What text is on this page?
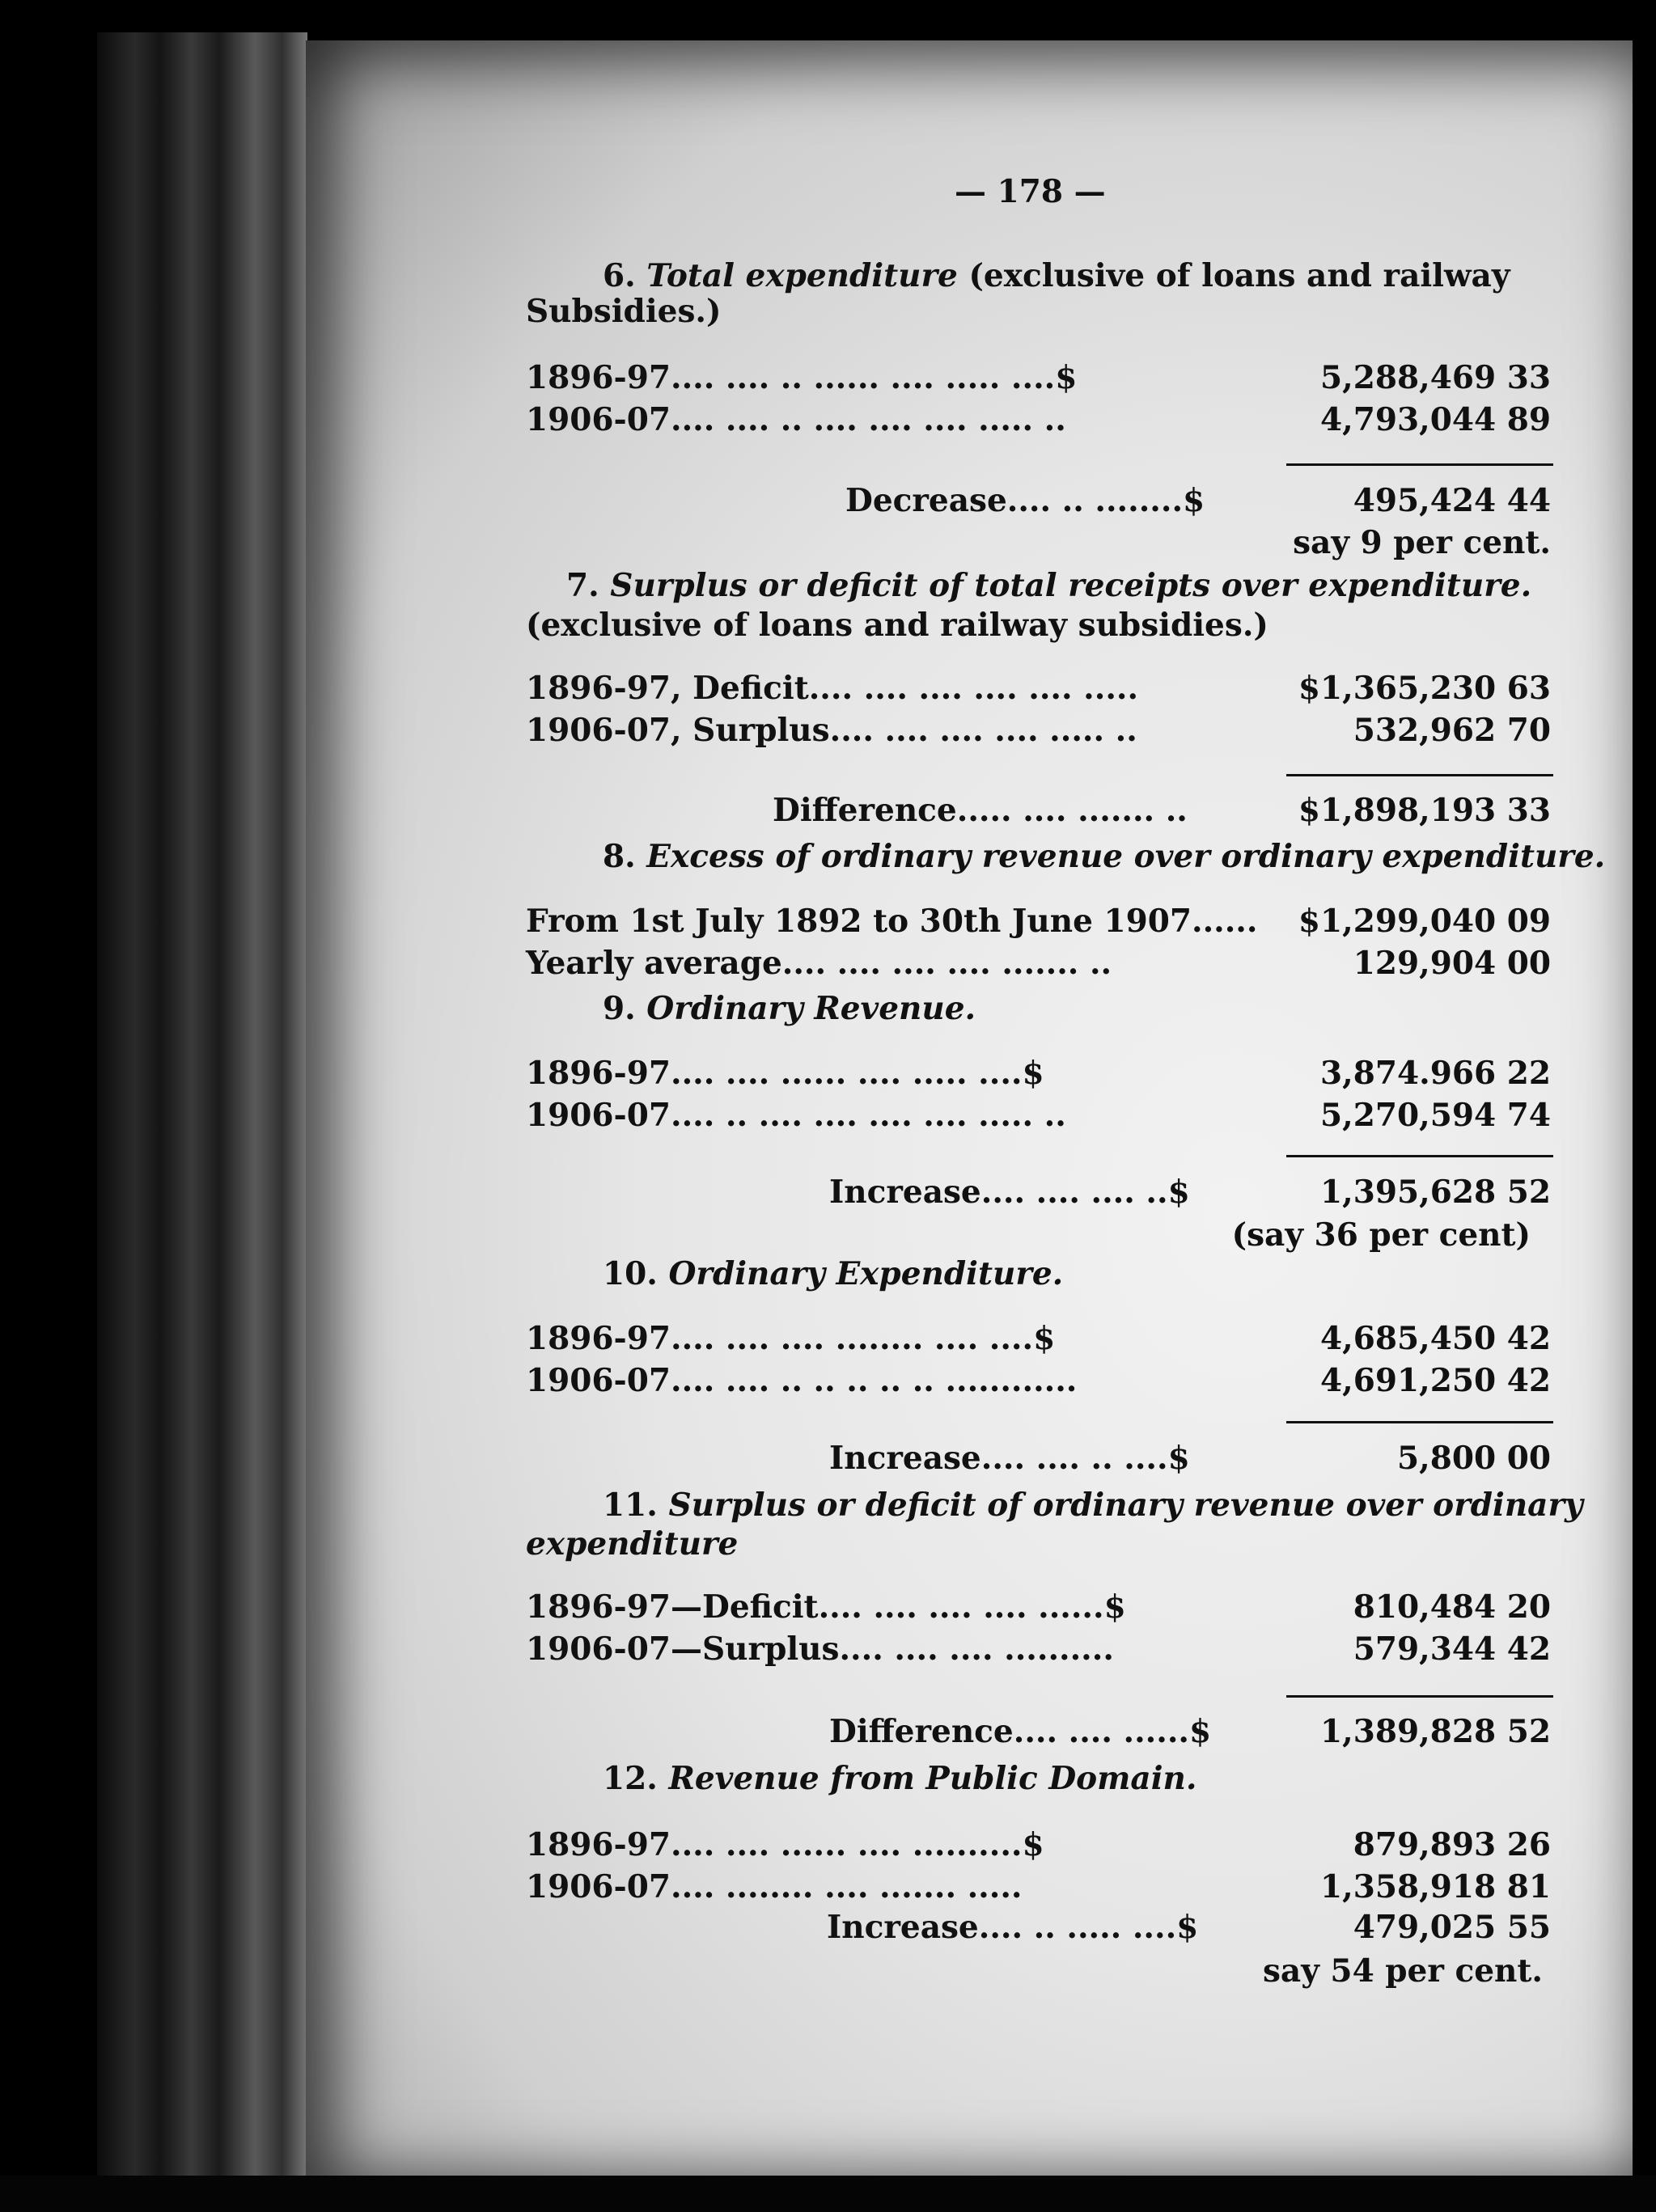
— 178 —
6. Total expenditure (exclusive of loans and railway
Subsidies.)
1896-97.... .... .. ...... .... ..... ....$	5,288,469 33
1906-07.... .... .. .... .... .... ..... ..	4,793,044 89
Decrease.... .. ........$	495,424 44
say 9 per cent.
7. Surplus or deficit of total receipts over expenditure.
(exclusive of loans and railway subsidies.)
1896-97, Deficit.... .... .... .... .... .....	$1,365,230 63
1906-07, Surplus.... .... .... .... ..... ..	532,962 70
Difference..... .... ....... ..	$1,898,193 33
8. Excess of ordinary revenue over ordinary expenditure.
From 1st July 1892 to 30th June 1907...... $1,299,040 09
Yearly average.... .... .... .... ....... ..	129,904 00
9. Ordinary Revenue.
1896-97.... .... ...... .... ..... ....$	3,874.966 22
1906-07.... .. .... .... .... .... ..... ..	5,270,594 74
Increase.... .... .... ..$	1,395,628 52
(say 36 per cent)
10. Ordinary Expenditure.
1896-97.... .... .... ........ .... ....$	4,685,450 42
1906-07.... .... .. .. .. .. .. ............	4,691,250 42
Increase.... .... .. ....$	5,800 00
11. Surplus or deficit of ordinary revenue over ordinary
expenditure
1896-97—Deficit.... .... .... .... ......$	810,484 20
1906-07—Surplus.... .... .... ..........	579,344 42
Difference.... .... ......$	1,389,828 52
12. Revenue from Public Domain.
1896-97.... .... ...... .... ..........$	879,893 26
1906-07.... ........ .... ....... .....	1,358,918 81
Increase.... .. ..... ....$	479,025 55
say 54 per cent.
